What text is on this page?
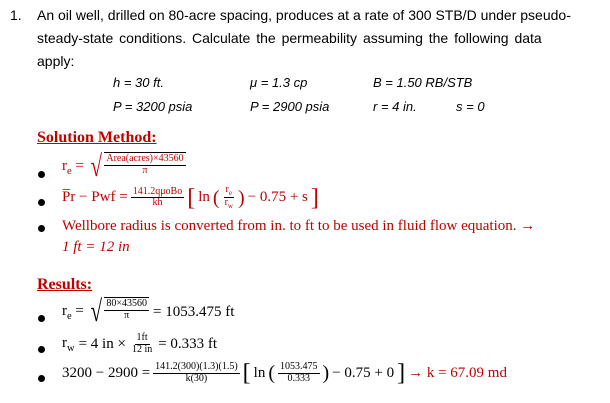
1. An oil well, drilled on 80-acre spacing, produces at a rate of 300 STB/D under pseudo-
steady-state conditions. Calculate the permeability assuming the following data
apply:
h = 30 ft.	μ = 1.3 cp	B = 1.50 RB/STB
P = 3200 psia	P = 2900 psia	r = 4 in.	s = 0
Solution Method:
$r_e$ = √ $\frac{\text{Area(acres)×43560}}{\pi}$
P̅r − Pwf = $\frac{\text{141.2qμoBo}}{kh}$ [ ln ( $\frac{r_e}{r_w}$ ) − 0.75 + s ]
Wellbore radius is converted from in. to ft to be used in fluid flow equation. →
1 ft = 12 in
Results:
$r_e$ = √ $\frac{80\times 43560}{\pi} = 1053.475$ ft
$r_w = 4$ in × $\frac{1ft}{12 in} = 0.333$ ft
$3200 - 2900 = \frac{141.2(300)(1.3)(1.5)}{k(30)}$ [ ln ( $\frac{1053.475}{0.333}$ ) − 0.75 + 0 ] → k = 67.09 md
